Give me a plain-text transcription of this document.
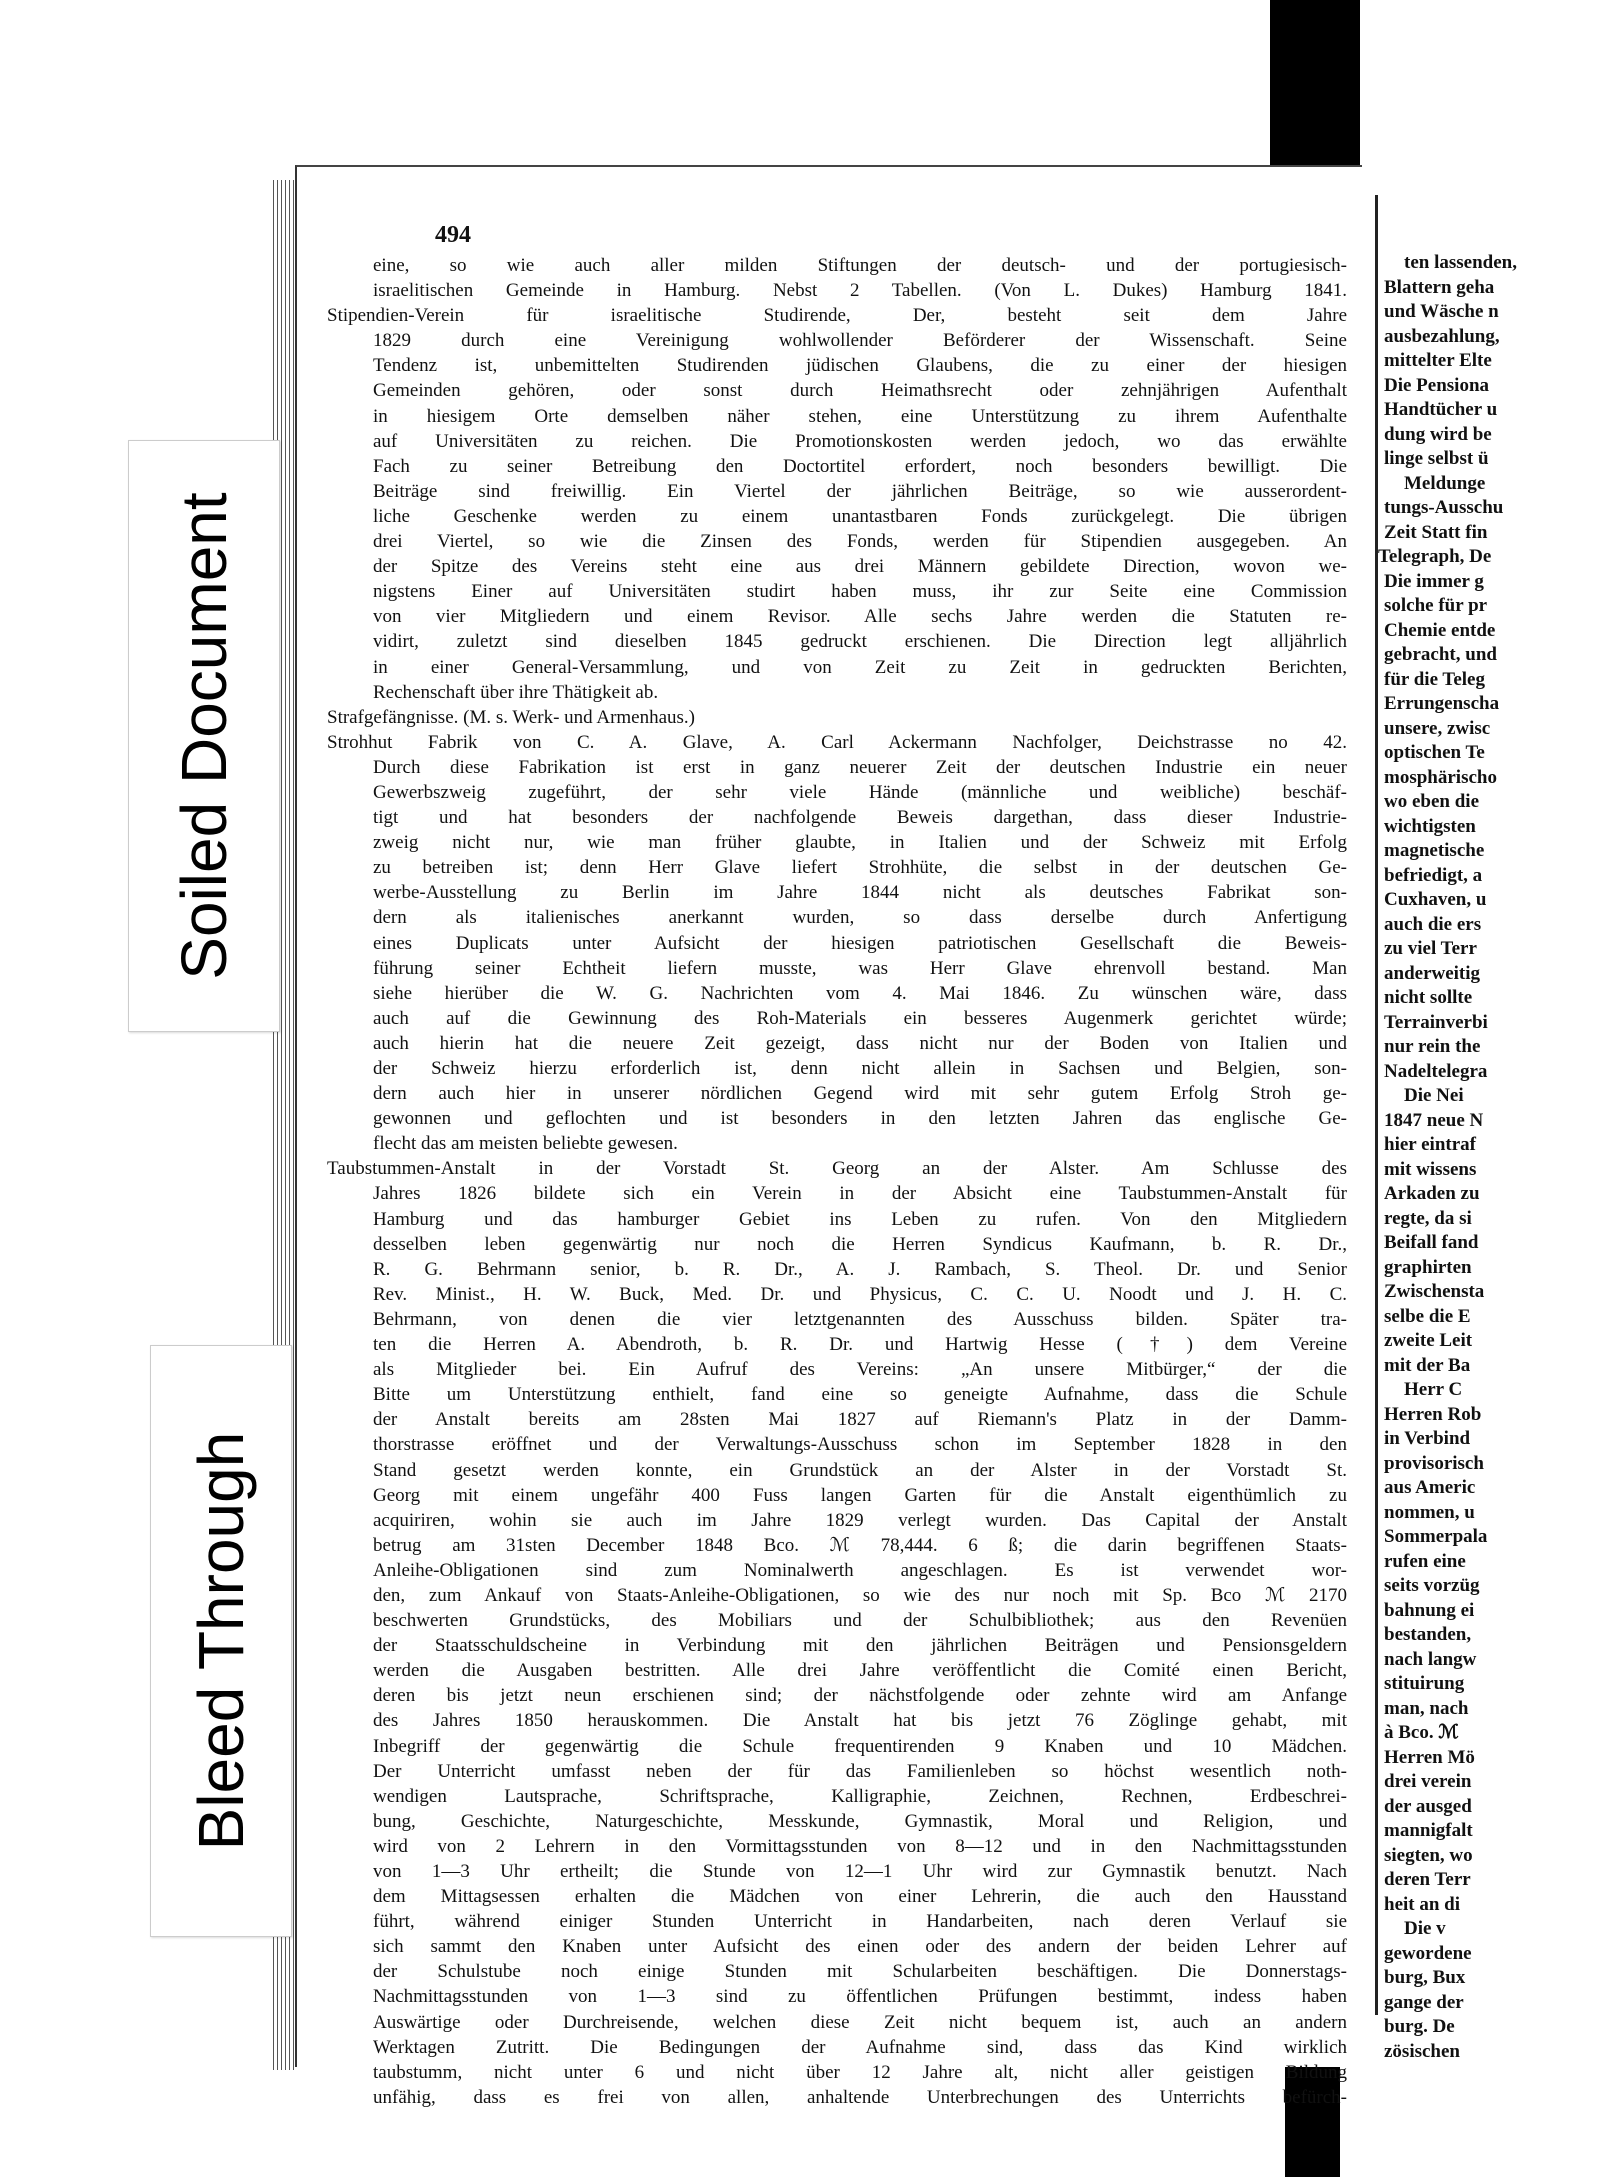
494
eine, so wie auch aller milden Stiftungen der deutsch- und der portugiesisch-
israelitischen Gemeinde in Hamburg. Nebst 2 Tabellen. (Von L. Dukes) Hamburg 1841.
Stipendien-Verein für israelitische Studirende, Der, besteht seit dem Jahre
1829 durch eine Vereinigung wohlwollender Beförderer der Wissenschaft. Seine
Tendenz ist, unbemittelten Studirenden jüdischen Glaubens, die zu einer der hiesigen
Gemeinden gehören, oder sonst durch Heimathsrecht oder zehnjährigen Aufenthalt
in hiesigem Orte demselben näher stehen, eine Unterstützung zu ihrem Aufenthalte
auf Universitäten zu reichen. Die Promotionskosten werden jedoch, wo das erwählte
Fach zu seiner Betreibung den Doctortitel erfordert, noch besonders bewilligt. Die
Beiträge sind freiwillig. Ein Viertel der jährlichen Beiträge, so wie ausserordent-
liche Geschenke werden zu einem unantastbaren Fonds zurückgelegt. Die übrigen
drei Viertel, so wie die Zinsen des Fonds, werden für Stipendien ausgegeben. An
der Spitze des Vereins steht eine aus drei Männern gebildete Direction, wovon we-
nigstens Einer auf Universitäten studirt haben muss, ihr zur Seite eine Commission
von vier Mitgliedern und einem Revisor. Alle sechs Jahre werden die Statuten re-
vidirt, zuletzt sind dieselben 1845 gedruckt erschienen. Die Direction legt alljährlich
in einer General-Versammlung, und von Zeit zu Zeit in gedruckten Berichten,
Rechenschaft über ihre Thätigkeit ab.
Strafgefängnisse. (M. s. Werk- und Armenhaus.)
Strohhut Fabrik von C. A. Glave, A. Carl Ackermann Nachfolger, Deichstrasse no 42.
Durch diese Fabrikation ist erst in ganz neuerer Zeit der deutschen Industrie ein neuer
Gewerbszweig zugeführt, der sehr viele Hände (männliche und weibliche) beschäf-
tigt und hat besonders der nachfolgende Beweis dargethan, dass dieser Industrie-
zweig nicht nur, wie man früher glaubte, in Italien und der Schweiz mit Erfolg
zu betreiben ist; denn Herr Glave liefert Strohhüte, die selbst in der deutschen Ge-
werbe-Ausstellung zu Berlin im Jahre 1844 nicht als deutsches Fabrikat son-
dern als italienisches anerkannt wurden, so dass derselbe durch Anfertigung
eines Duplicats unter Aufsicht der hiesigen patriotischen Gesellschaft die Beweis-
führung seiner Echtheit liefern musste, was Herr Glave ehrenvoll bestand. Man
siehe hierüber die W. G. Nachrichten vom 4. Mai 1846. Zu wünschen wäre, dass
auch auf die Gewinnung des Roh-Materials ein besseres Augenmerk gerichtet würde;
auch hierin hat die neuere Zeit gezeigt, dass nicht nur der Boden von Italien und
der Schweiz hierzu erforderlich ist, denn nicht allein in Sachsen und Belgien, son-
dern auch hier in unserer nördlichen Gegend wird mit sehr gutem Erfolg Stroh ge-
gewonnen und geflochten und ist besonders in den letzten Jahren das englische Ge-
flecht das am meisten beliebte gewesen.
Taubstummen-Anstalt in der Vorstadt St. Georg an der Alster. Am Schlusse des
Jahres 1826 bildete sich ein Verein in der Absicht eine Taubstummen-Anstalt für
Hamburg und das hamburger Gebiet ins Leben zu rufen. Von den Mitgliedern
desselben leben gegenwärtig nur noch die Herren Syndicus Kaufmann, b. R. Dr.,
R. G. Behrmann senior, b. R. Dr., A. J. Rambach, S. Theol. Dr. und Senior
Rev. Minist., H. W. Buck, Med. Dr. und Physicus, C. C. U. Noodt und J. H. C.
Behrmann, von denen die vier letztgenannten des Ausschuss bilden. Später tra-
ten die Herren A. Abendroth, b. R. Dr. und Hartwig Hesse (†) dem Vereine
als Mitglieder bei. Ein Aufruf des Vereins: „An unsere Mitbürger,“ der die
Bitte um Unterstützung enthielt, fand eine so geneigte Aufnahme, dass die Schule
der Anstalt bereits am 28sten Mai 1827 auf Riemann's Platz in der Damm-
thorstrasse eröffnet und der Verwaltungs-Ausschuss schon im September 1828 in den
Stand gesetzt werden konnte, ein Grundstück an der Alster in der Vorstadt St.
Georg mit einem ungefähr 400 Fuss langen Garten für die Anstalt eigenthümlich zu
acquiriren, wohin sie auch im Jahre 1829 verlegt wurden. Das Capital der Anstalt
betrug am 31sten December 1848 Bco. ℳ 78,444. 6 ß; die darin begriffenen Staats-
Anleihe-Obligationen sind zum Nominalwerth angeschlagen. Es ist verwendet wor-
den, zum Ankauf von Staats-Anleihe-Obligationen, so wie des nur noch mit Sp. Bco ℳ 2170
beschwerten Grundstücks, des Mobiliars und der Schulbibliothek; aus den Revenüen
der Staatsschuldscheine in Verbindung mit den jährlichen Beiträgen und Pensionsgeldern
werden die Ausgaben bestritten. Alle drei Jahre veröffentlicht die Comité einen Bericht,
deren bis jetzt neun erschienen sind; der nächstfolgende oder zehnte wird am Anfange
des Jahres 1850 herauskommen. Die Anstalt hat bis jetzt 76 Zöglinge gehabt, mit
Inbegriff der gegenwärtig die Schule frequentirenden 9 Knaben und 10 Mädchen.
Der Unterricht umfasst neben der für das Familienleben so höchst wesentlich noth-
wendigen Lautsprache, Schriftsprache, Kalligraphie, Zeichnen, Rechnen, Erdbeschrei-
bung, Geschichte, Naturgeschichte, Messkunde, Gymnastik, Moral und Religion, und
wird von 2 Lehrern in den Vormittagsstunden von 8—12 und in den Nachmittagsstunden
von 1—3 Uhr ertheilt; die Stunde von 12—1 Uhr wird zur Gymnastik benutzt. Nach
dem Mittagsessen erhalten die Mädchen von einer Lehrerin, die auch den Hausstand
führt, während einiger Stunden Unterricht in Handarbeiten, nach deren Verlauf sie
sich sammt den Knaben unter Aufsicht des einen oder des andern der beiden Lehrer auf
der Schulstube noch einige Stunden mit Schularbeiten beschäftigen. Die Donnerstags-
Nachmittagsstunden von 1—3 sind zu öffentlichen Prüfungen bestimmt, indess haben
Auswärtige oder Durchreisende, welchen diese Zeit nicht bequem ist, auch an andern
Werktagen Zutritt. Die Bedingungen der Aufnahme sind, dass das Kind wirklich
taubstumm, nicht unter 6 und nicht über 12 Jahre alt, nicht aller geistigen Bildung
unfähig, dass es frei von allen, anhaltende Unterbrechungen des Unterrichts befürch-
ten lassenden,
Blattern geha
und Wäsche n
ausbezahlung,
mittelter Elte
Die Pensiona
Handtücher u
dung wird be
linge selbst ü
Meldunge
tungs-Ausschu
Zeit Statt fin
Telegraph, De
Die immer g
solche für pr
Chemie entde
gebracht, und
für die Teleg
Errungenscha
unsere, zwisc
optischen Te
mosphärischo
wo eben die
wichtigsten
magnetische
befriedigt, a
Cuxhaven, u
auch die ers
zu viel Terr
anderweitig
nicht sollte
Terrainverbi
nur rein the
Nadeltelegra
Die Nei
1847 neue N
hier eintraf
mit wissens
Arkaden zu
regte, da si
Beifall fand
graphirten
Zwischensta
selbe die E
zweite Leit
mit der Ba
Herr C
Herren Rob
in Verbind
provisorisch
aus Americ
nommen, u
Sommerpala
rufen eine
seits vorzüg
bahnung ei
bestanden,
nach langw
stituirung
man, nach
à Bco. ℳ
Herren Mö
drei verein
der ausged
mannigfalt
siegten, wo
deren Terr
heit an di
Die v
gewordene
burg, Bux
gange der
burg. De
zösischen
Soiled Document
Bleed Through
